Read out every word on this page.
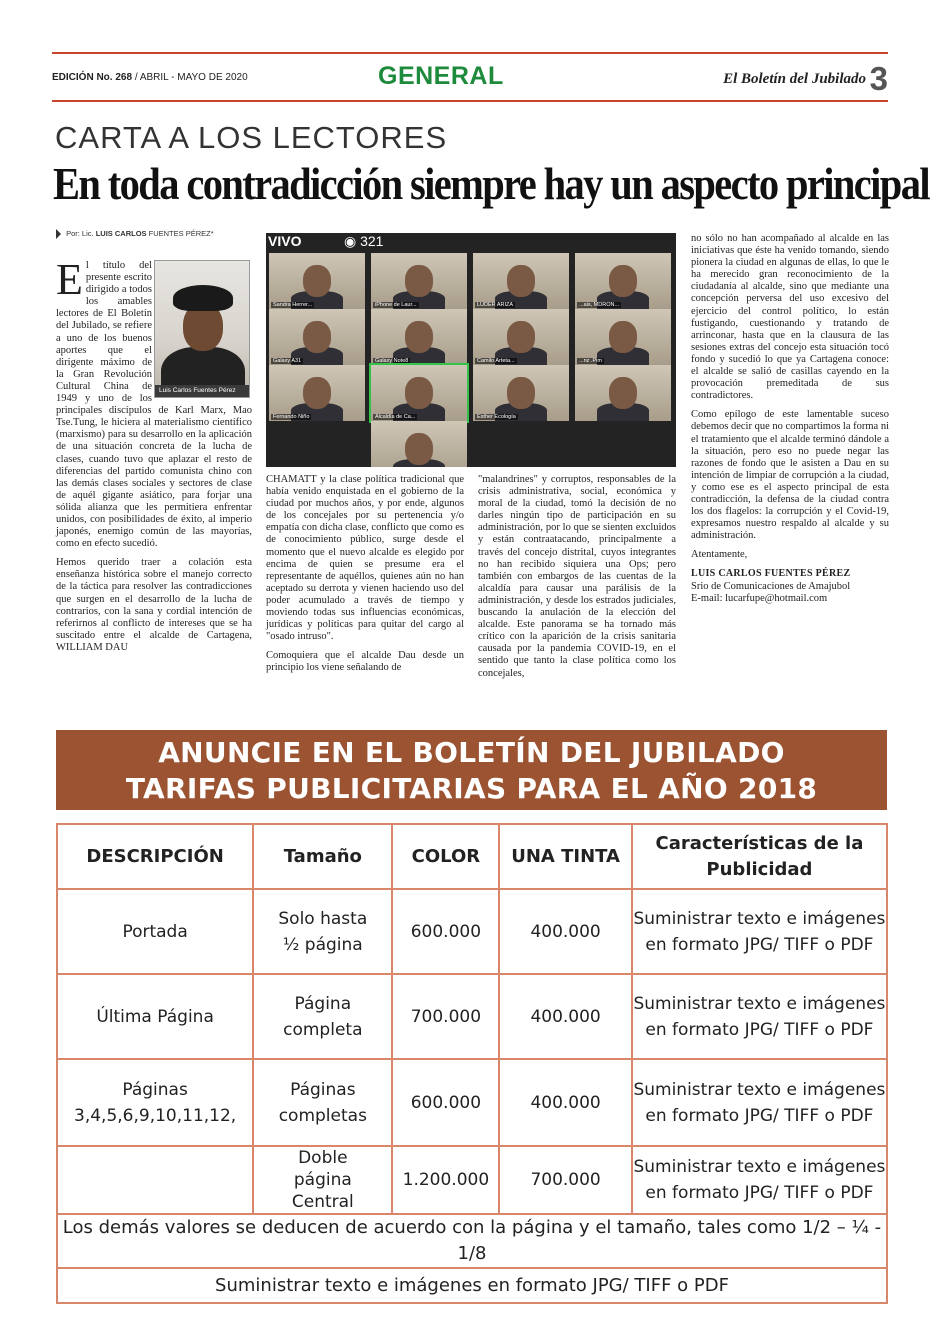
EDICIÓN No. 268 / ABRIL - MAYO DE 2020	GENERAL	El Boletín del Jubilado 3
CARTA A LOS LECTORES
En toda contradicción siempre hay un aspecto principal
Por: Lic. LUIS CARLOS FUENTES PÉREZ*

El título del presente escrito dirigido a todos los amables lectores de El Boletín del Jubilado, se refiere a uno de los buenos aportes que el dirigente máximo de la Gran Revolución Cultural China de 1949 y uno de los principales discípulos de Karl Marx, Mao Tse.Tung, le hiciera al materialismo científico (marxismo) para su desarrollo en la aplicación de una situación concreta de la lucha de clases, cuando tuvo que aplazar el resto de diferencias del partido comunista chino con las demás clases sociales y sectores de clase de aquél gigante asiático, para forjar una sólida alianza que les permitiera enfrentar unidos, con posibilidades de éxito, al imperio japonés, enemigo común de las mayorías, como en efecto sucedió.

Hemos querido traer a colación esta enseñanza histórica sobre el manejo correcto de la táctica para resolver las contradicciones que surgen en el desarrollo de la lucha de contrarios, con la sana y cordial intención de referirnos al conflicto de intereses que se ha suscitado entre el alcalde de Cartagena, WILLIAM DAU

Luis Carlos Fuentes Pérez
VIVO	◉ 321
Sandra Herrer...	iPhone de Laur...	LUDER ARIZA	...ais, MDRON...
Galaxy A31	Galaxy Note8	Camilo Arteta...	...nz .Pim
Fernando Niño	Alcaldía de Ca...	Esther Ecología

CHAMATT y la clase política tradicional que había venido enquistada en el gobierno de la ciudad por muchos años, y por ende, algunos de los concejales por su pertenencia y/o empatía con dicha clase, conflicto que como es de conocimiento público, surge desde el momento que el nuevo alcalde es elegido por encima de quien se presume era el representante de aquéllos, quienes aún no han aceptado su derrota y vienen haciendo uso del poder acumulado a través de tiempo y moviendo todas sus influencias económicas, jurídicas y políticas para quitar del cargo al "osado intruso".

Comoquiera que el alcalde Dau desde un principio los viene señalando de

"malandrines" y corruptos, responsables de la crisis administrativa, social, económica y moral de la ciudad, tomó la decisión de no darles ningún tipo de participación en su administración, por lo que se sienten excluidos y están contraatacando, principalmente a través del concejo distrital, cuyos integrantes no han recibido siquiera una Ops; pero también con embargos de las cuentas de la alcaldía para causar una parálisis de la administración, y desde los estrados judiciales, buscando la anulación de la elección del alcalde. Este panorama se ha tornado más crítico con la aparición de la crisis sanitaria causada por la pandemia COVID-19, en el sentido que tanto la clase política como los concejales,

no sólo no han acompañado al alcalde en las iniciativas que éste ha venido tomando, siendo pionera la ciudad en algunas de ellas, lo que le ha merecido gran reconocimiento de la ciudadanía al alcalde, sino que mediante una concepción perversa del uso excesivo del ejercicio del control político, lo están fustigando, cuestionando y tratando de arrinconar, hasta que en la clausura de las sesiones extras del concejo esta situación tocó fondo y sucedió lo que ya Cartagena conoce: el alcalde se salió de casillas cayendo en la provocación premeditada de sus contradictores.

Como epílogo de este lamentable suceso debemos decir que no compartimos la forma ni el tratamiento que el alcalde terminó dándole a la situación, pero eso no puede negar las razones de fondo que le asisten a Dau en su intención de limpiar de corrupción a la ciudad, y como ese es el aspecto principal de esta contradicción, la defensa de la ciudad contra los dos flagelos: la corrupción y el Covid-19, expresamos nuestro respaldo al alcalde y su administración.

Atentamente,

LUIS CARLOS FUENTES PÉREZ
Srio de Comunicaciones de Amajubol
E-mail: lucarfupe@hotmail.com
ANUNCIE EN EL BOLETÍN DEL JUBILADO
TARIFAS PUBLICITARIAS PARA EL AÑO 2018
DESCRIPCIÓN	Tamaño	COLOR	UNA TINTA	Características de la Publicidad
Portada	Solo hasta ½ página	600.000	400.000	Suministrar texto e imágenes en formato JPG/ TIFF o PDF
Última Página	Página completa	700.000	400.000	Suministrar texto e imágenes en formato JPG/ TIFF o PDF
Páginas 3,4,5,6,9,10,11,12,	Páginas completas	600.000	400.000	Suministrar texto e imágenes en formato JPG/ TIFF o PDF
	Doble página Central	1.200.000	700.000	Suministrar texto e imágenes en formato JPG/ TIFF o PDF
Los demás valores se deducen de acuerdo con la página y el tamaño, tales como 1/2 – ¼ - 1/8				
Suministrar texto e imágenes en formato JPG/ TIFF o PDF				
